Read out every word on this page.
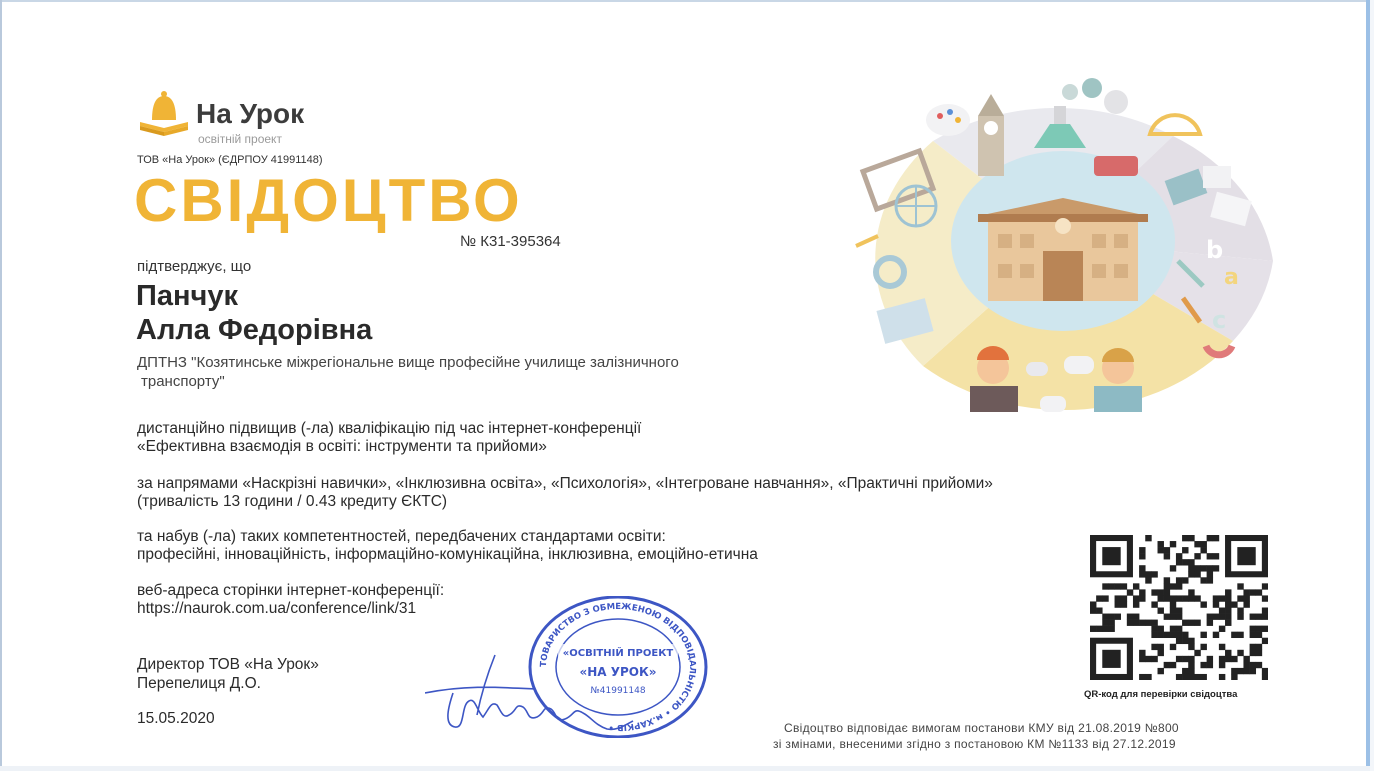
На Урок
освітній проект
ТОВ «На Урок» (ЄДРПОУ 41991148)
СВІДОЦТВО
№ К31-395364
підтверджує, що
Панчук
Алла Федорівна
ДПТНЗ "Козятинське міжрегіональне вище професійне училище залізничного
транспорту"
дистанційно підвищив (-ла) кваліфікацію під час інтернет-конференції
«Ефективна взаємодія в освіті: інструменти та прийоми»
за напрямами «Наскрізні навички», «Інклюзивна освіта», «Психологія», «Інтегроване навчання», «Практичні прийоми»
(тривалість 13 години / 0.43 кредиту ЄКТС)
та набув (-ла) таких компетентностей, передбачених стандартами освіти:
професійні, інноваційність, інформаційно-комунікаційна, інклюзивна, емоційно-етична
веб-адреса сторінки інтернет-конференції:
https://naurok.com.ua/conference/link/31
Директор ТОВ «На Урок»
Перепелиця Д.О.
15.05.2020
b
a
c
QR-код для перевірки свідоцтва
ТОВАРИСТВО З ОБМЕЖЕНОЮ ВІДПОВІДАЛЬНІСТЮ • м.ХАРКІВ •
«ОСВІТНІЙ ПРОЕКТ
«НА УРОК»
№41991148
Свідоцтво відповідає вимогам постанови КМУ від 21.08.2019 №800
зі змінами, внесеними згідно з постановою КМ №1133 від 27.12.2019
